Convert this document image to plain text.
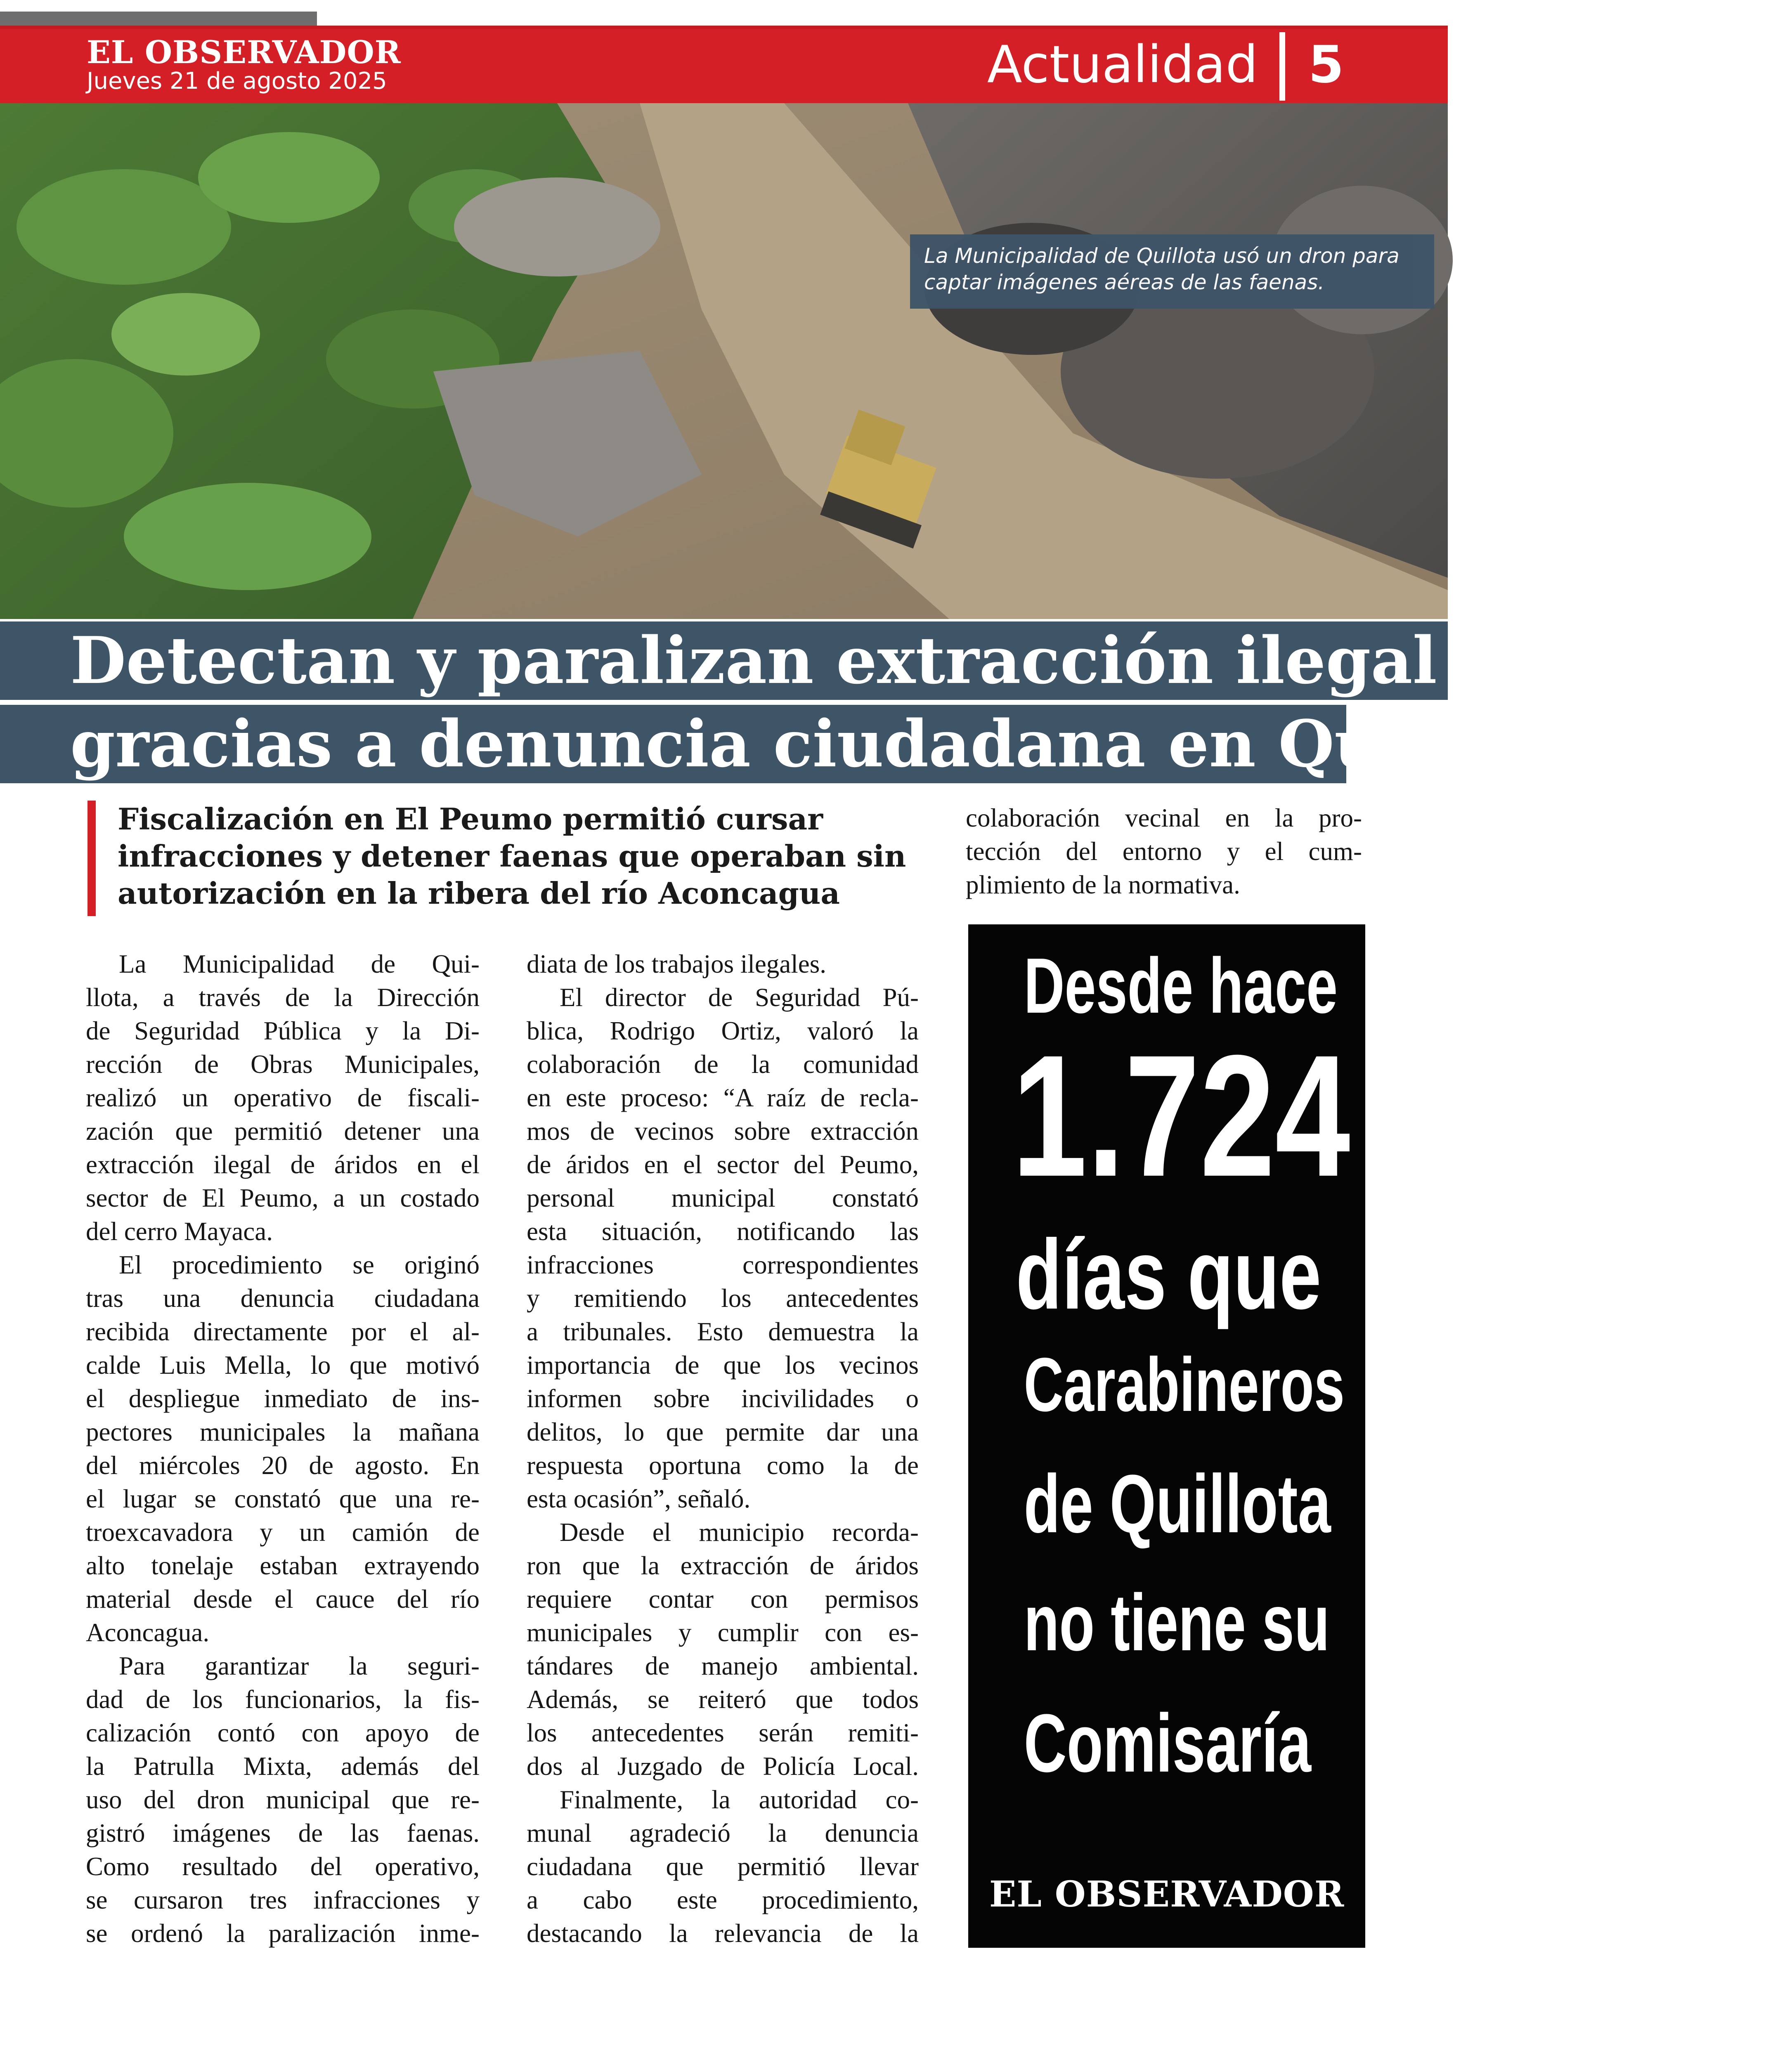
EL OBSERVADOR
Jueves 21 de agosto 2025	Actualidad 5
La Municipalidad de Quillota usó un dron para
captar imágenes aéreas de las faenas.
Detectan y paralizan extracción ilegal de áridos
gracias a denuncia ciudadana en Quillota
Fiscalización en El Peumo permitió cursar
infracciones y detener faenas que operaban sin
autorización en la ribera del río Aconcagua
La Municipalidad de Qui-
llota, a través de la Dirección
de Seguridad Pública y la Di-
rección de Obras Municipales,
realizó un operativo de fiscali-
zación que permitió detener una
extracción ilegal de áridos en el
sector de El Peumo, a un costado
del cerro Mayaca.
El procedimiento se originó
tras una denuncia ciudadana
recibida directamente por el al-
calde Luis Mella, lo que motivó
el despliegue inmediato de ins-
pectores municipales la mañana
del miércoles 20 de agosto. En
el lugar se constató que una re-
troexcavadora y un camión de
alto tonelaje estaban extrayendo
material desde el cauce del río
Aconcagua.
Para garantizar la seguri-
dad de los funcionarios, la fis-
calización contó con apoyo de
la Patrulla Mixta, además del
uso del dron municipal que re-
gistró imágenes de las faenas.
Como resultado del operativo,
se cursaron tres infracciones y
se ordenó la paralización inme-
diata de los trabajos ilegales.
El director de Seguridad Pú-
blica, Rodrigo Ortiz, valoró la
colaboración de la comunidad
en este proceso: “A raíz de recla-
mos de vecinos sobre extracción
de áridos en el sector del Peumo,
personal municipal constató
esta situación, notificando las
infracciones correspondientes
y remitiendo los antecedentes
a tribunales. Esto demuestra la
importancia de que los vecinos
informen sobre incivilidades o
delitos, lo que permite dar una
respuesta oportuna como la de
esta ocasión”, señaló.
Desde el municipio recorda-
ron que la extracción de áridos
requiere contar con permisos
municipales y cumplir con es-
tándares de manejo ambiental.
Además, se reiteró que todos
los antecedentes serán remiti-
dos al Juzgado de Policía Local.
Finalmente, la autoridad co-
munal agradeció la denuncia
ciudadana que permitió llevar
a cabo este procedimiento,
destacando la relevancia de la
colaboración vecinal en la pro-
tección del entorno y el cum-
plimiento de la normativa.
Desde hace
1.724
días que
Carabineros
de Quillota
no tiene su
Comisaría
EL OBSERVADOR
